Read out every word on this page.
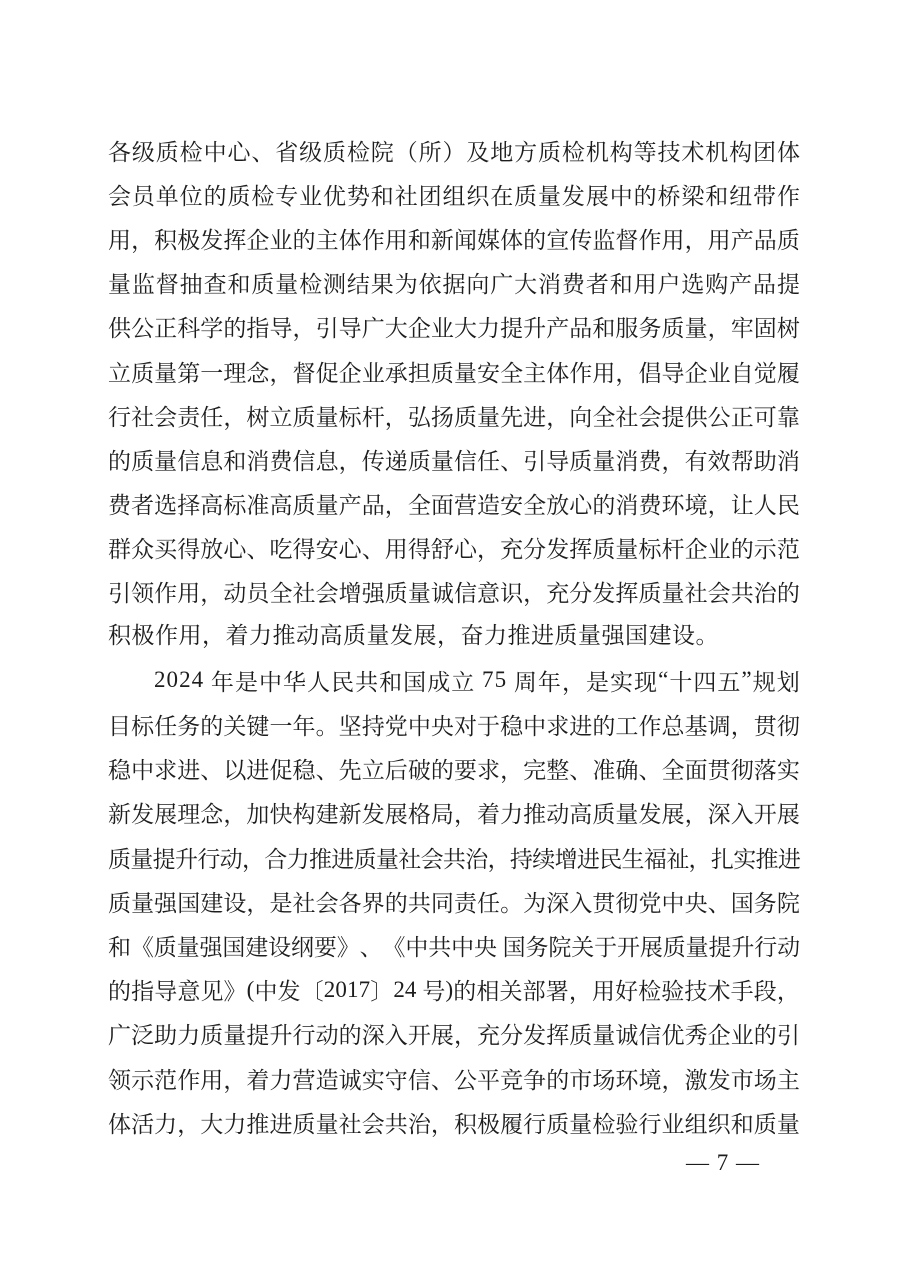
各 级 质 检 中 心 、 省 级 质 检 院 （ 所 ） 及 地 方 质 检 机 构 等 技 术 机 构 团 体
会 员 单 位 的 质 检 专 业 优 势 和 社 团 组 织 在 质 量 发 展 中 的 桥 梁 和 纽 带 作
用 ， 积 极 发 挥 企 业 的 主 体 作 用 和 新 闻 媒 体 的 宣 传 监 督 作 用 ， 用 产 品 质
量 监 督 抽 查 和 质 量 检 测 结 果 为 依 据 向 广 大 消 费 者 和 用 户 选 购 产 品 提
供 公 正 科 学 的 指 导 ， 引 导 广 大 企 业 大 力 提 升 产 品 和 服 务 质 量 ， 牢 固 树
立 质 量 第 一 理 念 ， 督 促 企 业 承 担 质 量 安 全 主 体 作 用 ， 倡 导 企 业 自 觉 履
行 社 会 责 任 ， 树 立 质 量 标 杆 ， 弘 扬 质 量 先 进 ， 向 全 社 会 提 供 公 正 可 靠
的 质 量 信 息 和 消 费 信 息 ， 传 递 质 量 信 任 、 引 导 质 量 消 费 ， 有 效 帮 助 消
费 者 选 择 高 标 准 高 质 量 产 品 ， 全 面 营 造 安 全 放 心 的 消 费 环 境 ， 让 人 民
群 众 买 得 放 心 、 吃 得 安 心 、 用 得 舒 心 ， 充 分 发 挥 质 量 标 杆 企 业 的 示 范
引 领 作 用 ， 动 员 全 社 会 增 强 质 量 诚 信 意 识 ， 充 分 发 挥 质 量 社 会 共 治 的
积极作用，着力推动高质量发展，奋力推进质量强国建设。
2 0 2 4
年 是 中 华 人 民 共 和 国 成 立
7 5
周 年 ， 是 实 现 “ 十 四 五 ” 规 划
目 标 任 务 的 关 键 一 年 。 坚 持 党 中 央 对 于 稳 中 求 进 的 工 作 总 基 调 ， 贯 彻
稳 中 求 进 、 以 进 促 稳 、 先 立 后 破 的 要 求 ， 完 整 、 准 确 、 全 面 贯 彻 落 实
新 发 展 理 念 ， 加 快 构 建 新 发 展 格 局 ， 着 力 推 动 高 质 量 发 展 ， 深 入 开 展
质 量 提 升 行 动 ， 合 力 推 进 质 量 社 会 共 治 ， 持 续 增 进 民 生 福 祉 ， 扎 实 推 进
质 量 强 国 建 设 ， 是 社 会 各 界 的 共 同 责 任 。 为 深 入 贯 彻 党 中 央 、 国 务 院
和 《 质 量 强 国 建 设 纲 要 》 、 《 中 共 中 央
国 务 院 关 于 开 展 质 量 提 升 行 动
的 指 导 意 见 》 ( 中 发 〔 2 0 1 7 〕 2 4
号 ) 的 相 关 部 署 ， 用 好 检 验 技 术 手 段 ，
广 泛 助 力 质 量 提 升 行 动 的 深 入 开 展 ， 充 分 发 挥 质 量 诚 信 优 秀 企 业 的 引
领 示 范 作 用 ， 着 力 营 造 诚 实 守 信 、 公 平 竞 争 的 市 场 环 境 ， 激 发 市 场 主
体 活 力 ， 大 力 推 进 质 量 社 会 共 治 ， 积 极 履 行 质 量 检 验 行 业 组 织 和 质 量
— 7 —
